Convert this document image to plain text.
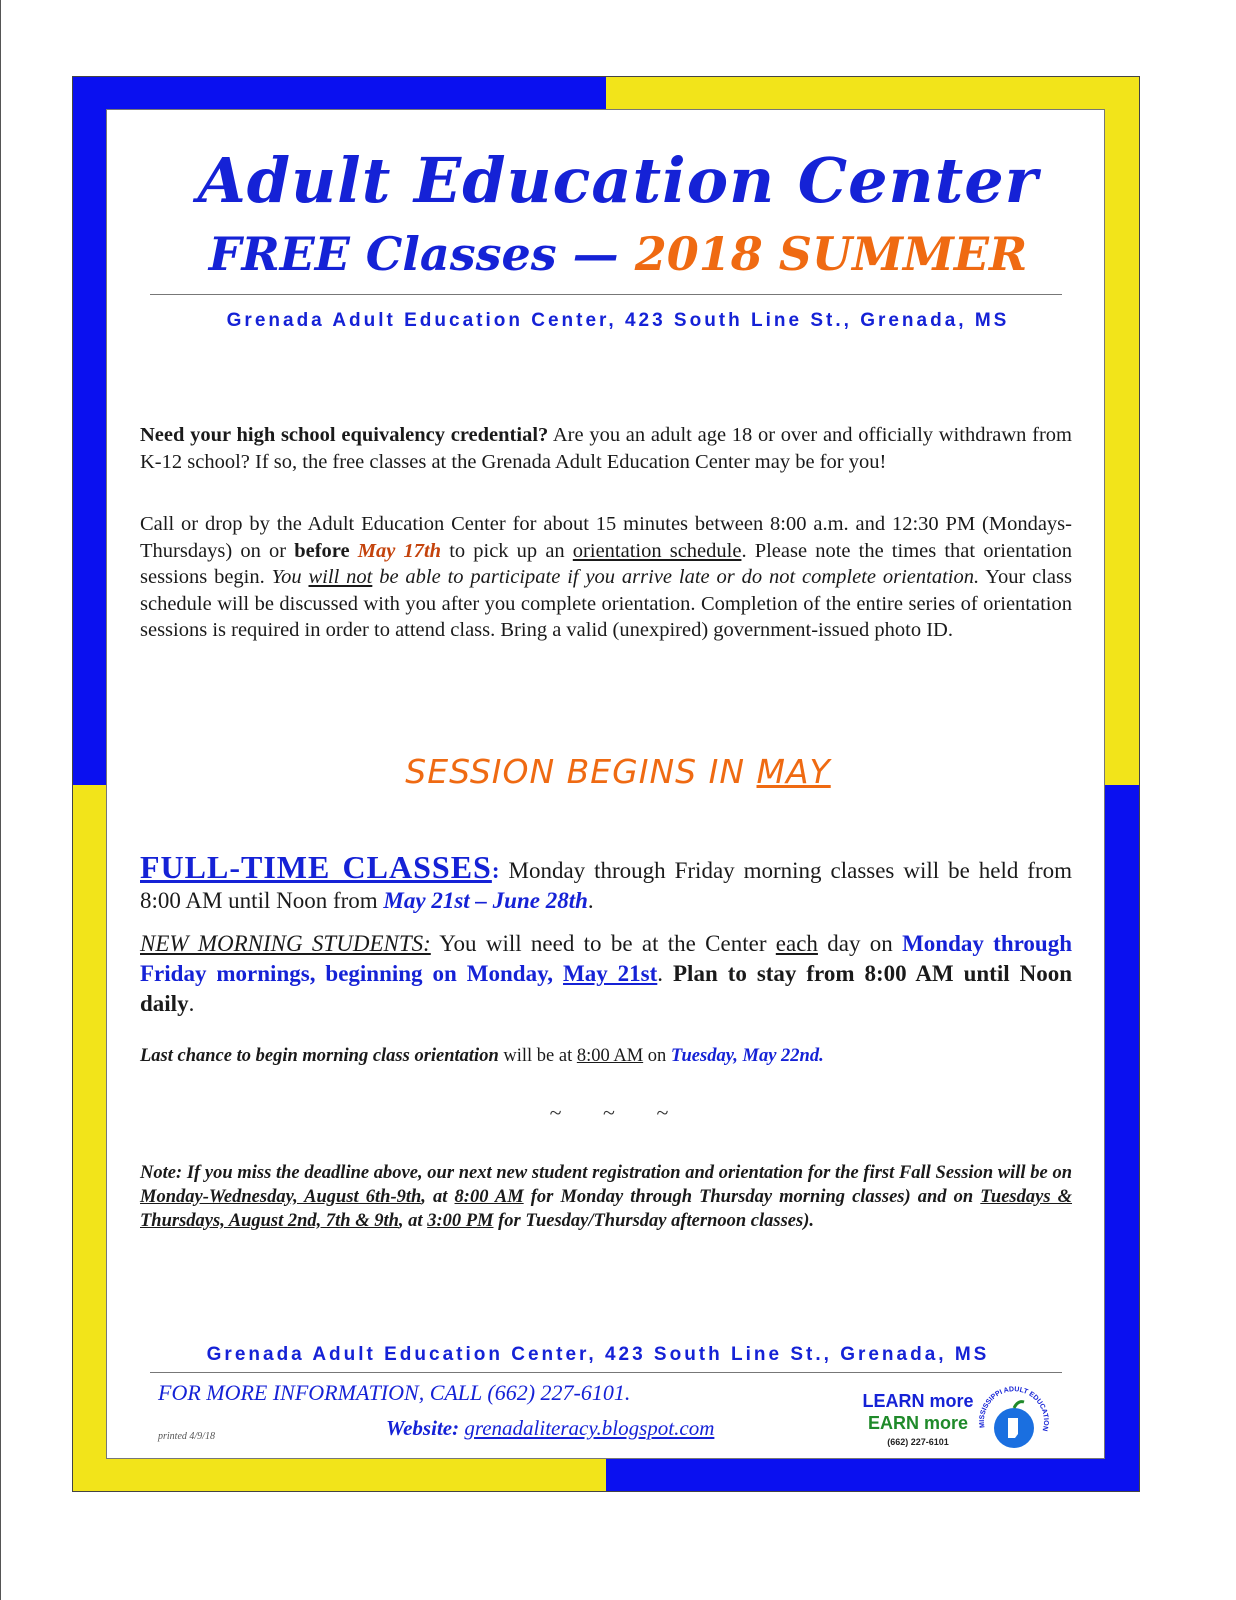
Adult Education Center
FREE Classes — 2018 SUMMER
Grenada Adult Education Center, 423 South Line St., Grenada, MS
Need your high school equivalency credential? Are you an adult age 18 or over and officially withdrawn from K-12 school? If so, the free classes at the Grenada Adult Education Center may be for you!
Call or drop by the Adult Education Center for about 15 minutes between 8:00 a.m. and 12:30 PM (Mondays-Thursdays) on or before May 17th to pick up an orientation schedule. Please note the times that orientation sessions begin. You will not be able to participate if you arrive late or do not complete orientation. Your class schedule will be discussed with you after you complete orientation. Completion of the entire series of orientation sessions is required in order to attend class. Bring a valid (unexpired) government-issued photo ID.
SESSION BEGINS IN MAY
FULL-TIME CLASSES: Monday through Friday morning classes will be held from 8:00 AM until Noon from May 21st – June 28th.
NEW MORNING STUDENTS: You will need to be at the Center each day on Monday through Friday mornings, beginning on Monday, May 21st. Plan to stay from 8:00 AM until Noon daily.
Last chance to begin morning class orientation will be at 8:00 AM on Tuesday, May 22nd.
~ ~ ~
Note: If you miss the deadline above, our next new student registration and orientation for the first Fall Session will be on Monday-Wednesday, August 6th-9th, at 8:00 AM for Monday through Thursday morning classes) and on Tuesdays & Thursdays, August 2nd, 7th & 9th, at 3:00 PM for Tuesday/Thursday afternoon classes).
Grenada Adult Education Center, 423 South Line St., Grenada, MS
FOR MORE INFORMATION, CALL (662) 227-6101.
Website: grenadaliteracy.blogspot.com
printed 4/9/18
LEARN more
EARN more
(662) 227-6101
MISSISSIPPI ADULT EDUCATION
